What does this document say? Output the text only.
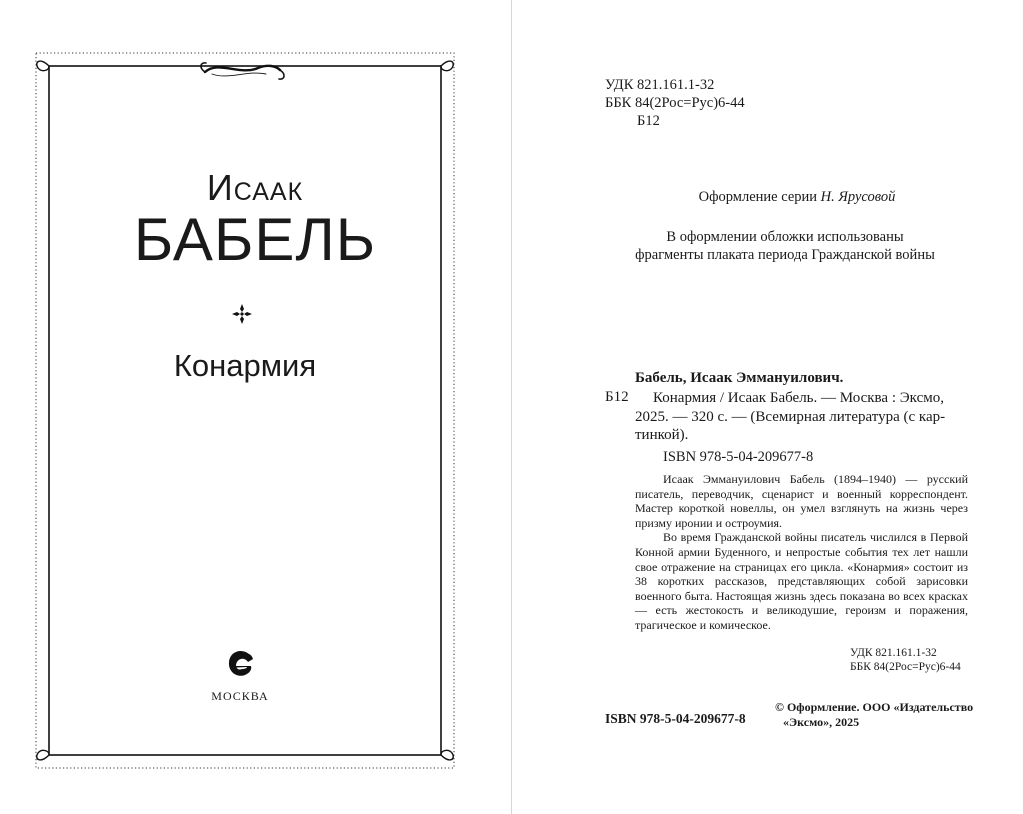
Исаак
БАБЕЛЬ
Конармия
МОСКВА
УДК 821.161.1-32
ББК 84(2Рос=Рус)6-44
Б12
Оформление серии Н. Ярусовой
В оформлении обложки использованы
фрагменты плаката периода Гражданской войны
Бабель, Исаак Эммануилович.
Б12	Конармия / Исаак Бабель. — Москва : Эксмо,
2025. — 320 с. — (Всемирная литература (с кар-
тинкой).
ISBN 978-5-04-209677-8

Исаак Эммануилович Бабель (1894–1940) — русский писатель, переводчик, сценарист и военный корреспондент. Мастер короткой новеллы, он умел взглянуть на жизнь через призму иронии и остроумия.

Во время Гражданской войны писатель числился в Первой Конной армии Буденного, и непростые события тех лет нашли свое отражение на страницах его цикла. «Конармия» состоит из 38 коротких рассказов, представляющих собой зарисовки военного быта. Настоящая жизнь здесь показана во всех красках — есть жестокость и великодушие, героизм и поражения, трагическое и комическое.

УДК 821.161.1-32
ББК 84(2Рос=Рус)6-44
ISBN 978-5-04-209677-8
© Оформление. ООО «Издательство
«Эксмо», 2025
